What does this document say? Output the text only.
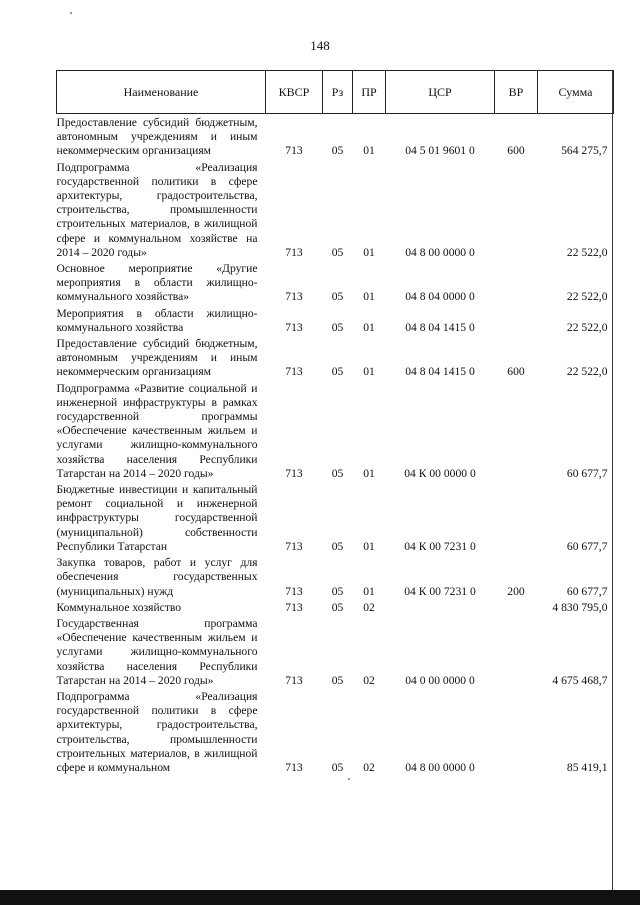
148
Наименование	КВСР	Рз	ПР	ЦСР	ВР	Сумма
Предоставление субсидий бюджетным, автономным учреждениям и иным некоммерческим организациям	713	05	01	04 5 01 9601 0	600	564 275,7
Подпрограмма «Реализация государственной политики в сфере архитектуры, градостроительства, строительства, промышленности строительных материалов, в жилищной сфере и коммунальном хозяйстве на 2014 – 2020 годы»	713	05	01	04 8 00 0000 0		22 522,0
Основное мероприятие «Другие мероприятия в области жилищно-коммунального хозяйства»	713	05	01	04 8 04 0000 0		22 522,0
Мероприятия в области жилищно-коммунального хозяйства	713	05	01	04 8 04 1415 0		22 522,0
Предоставление субсидий бюджетным, автономным учреждениям и иным некоммерческим организациям	713	05	01	04 8 04 1415 0	600	22 522,0
Подпрограмма «Развитие социальной и инженерной инфраструктуры в рамках государственной программы «Обеспечение качественным жильем и услугами жилищно-коммунального хозяйства населения Республики Татарстан на 2014 – 2020 годы»	713	05	01	04 К 00 0000 0		60 677,7
Бюджетные инвестиции и капитальный ремонт социальной и инженерной инфраструктуры государственной (муниципальной) собственности Республики Татарстан	713	05	01	04 К 00 7231 0		60 677,7
Закупка товаров, работ и услуг для обеспечения государственных (муниципальных) нужд	713	05	01	04 К 00 7231 0	200	60 677,7
Коммунальное хозяйство	713	05	02			4 830 795,0
Государственная программа «Обеспечение качественным жильем и услугами жилищно-коммунального хозяйства населения Республики Татарстан на 2014 – 2020 годы»	713	05	02	04 0 00 0000 0		4 675 468,7
Подпрограмма «Реализация государственной политики в сфере архитектуры, градостроительства, строительства, промышленности строительных материалов, в жилищной сфере и коммунальном	713	05	02	04 8 00 0000 0		85 419,1
